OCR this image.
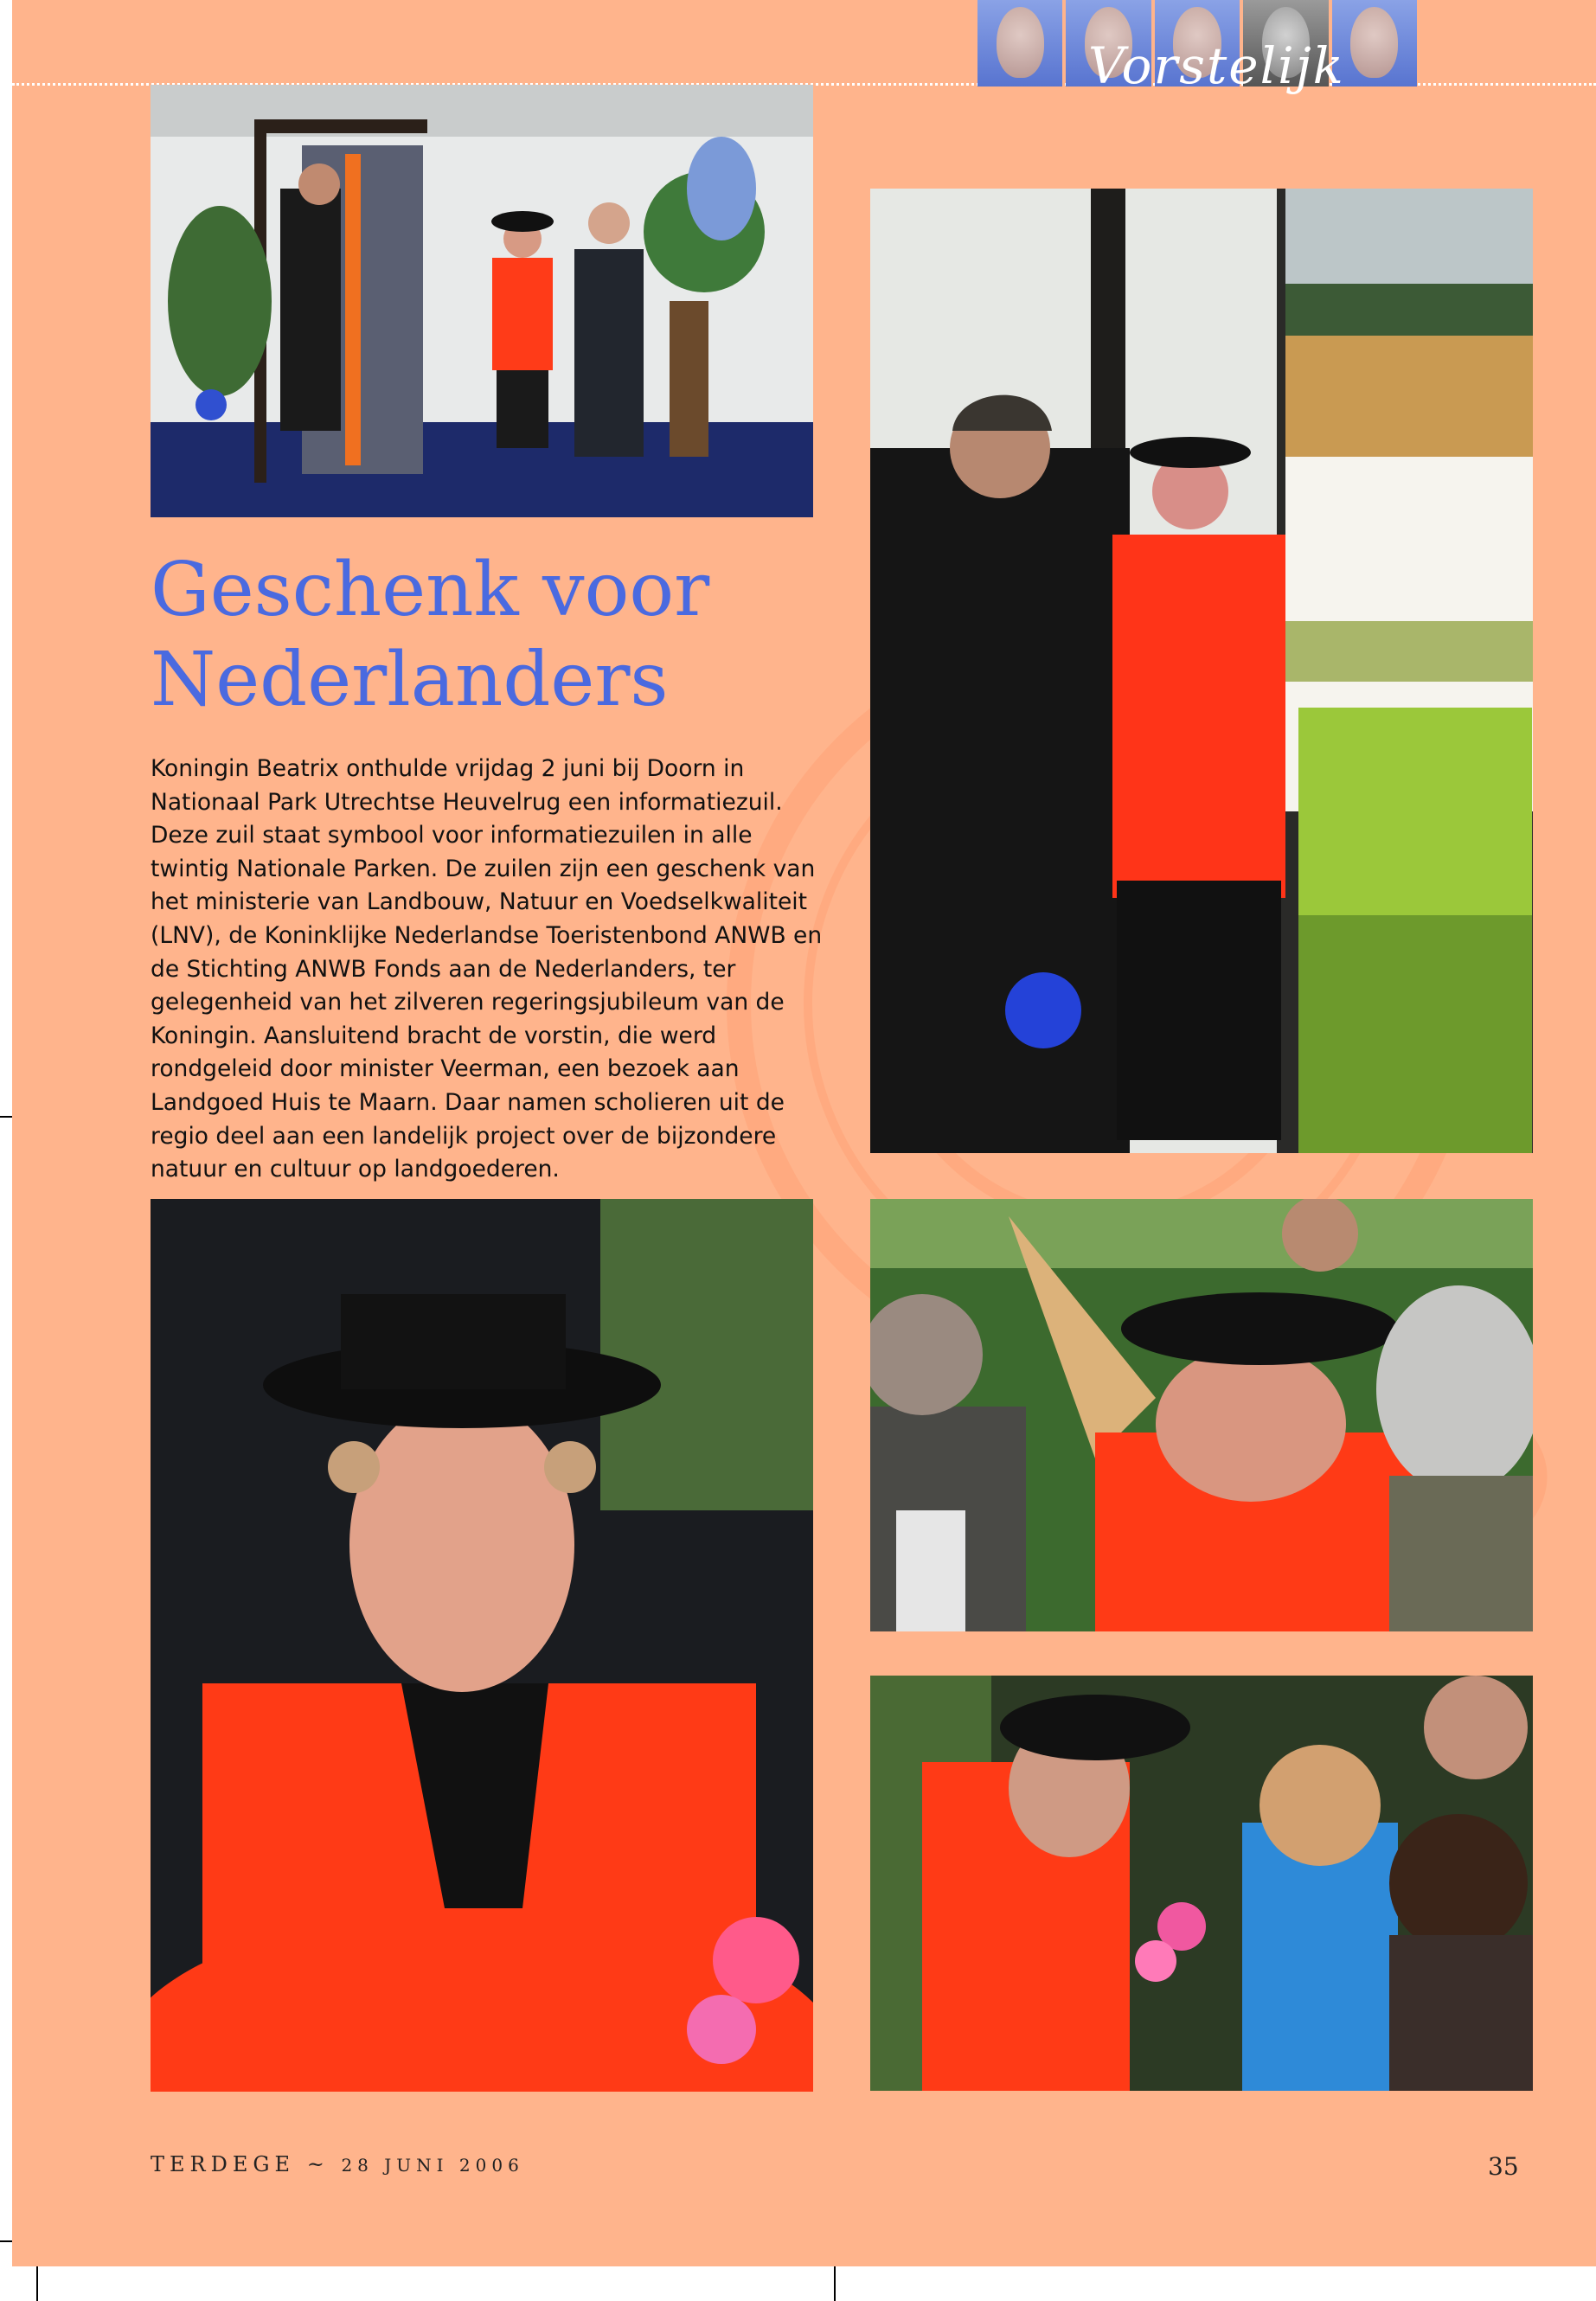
Vorstelijk

Geschenk voor
Nederlanders

Koningin Beatrix onthulde vrijdag 2 juni bij Doorn in Nationaal Park Utrechtse Heuvelrug een informatiezuil. Deze zuil staat symbool voor informatiezuilen in alle twintig Nationale Parken. De zuilen zijn een geschenk van het ministerie van Landbouw, Natuur en Voedselkwaliteit (LNV), de Koninklijke Nederlandse Toeristenbond ANWB en de Stichting ANWB Fonds aan de Nederlanders, ter gelegenheid van het zilveren regeringsjubileum van de Koningin. Aansluitend bracht de vorstin, die werd rondgeleid door minister Veerman, een bezoek aan Landgoed Huis te Maarn. Daar namen scholieren uit de regio deel aan een landelijk project over de bijzondere natuur en cultuur op landgoederen.

TERDEGE ~ 28 JUNI 2006	35
